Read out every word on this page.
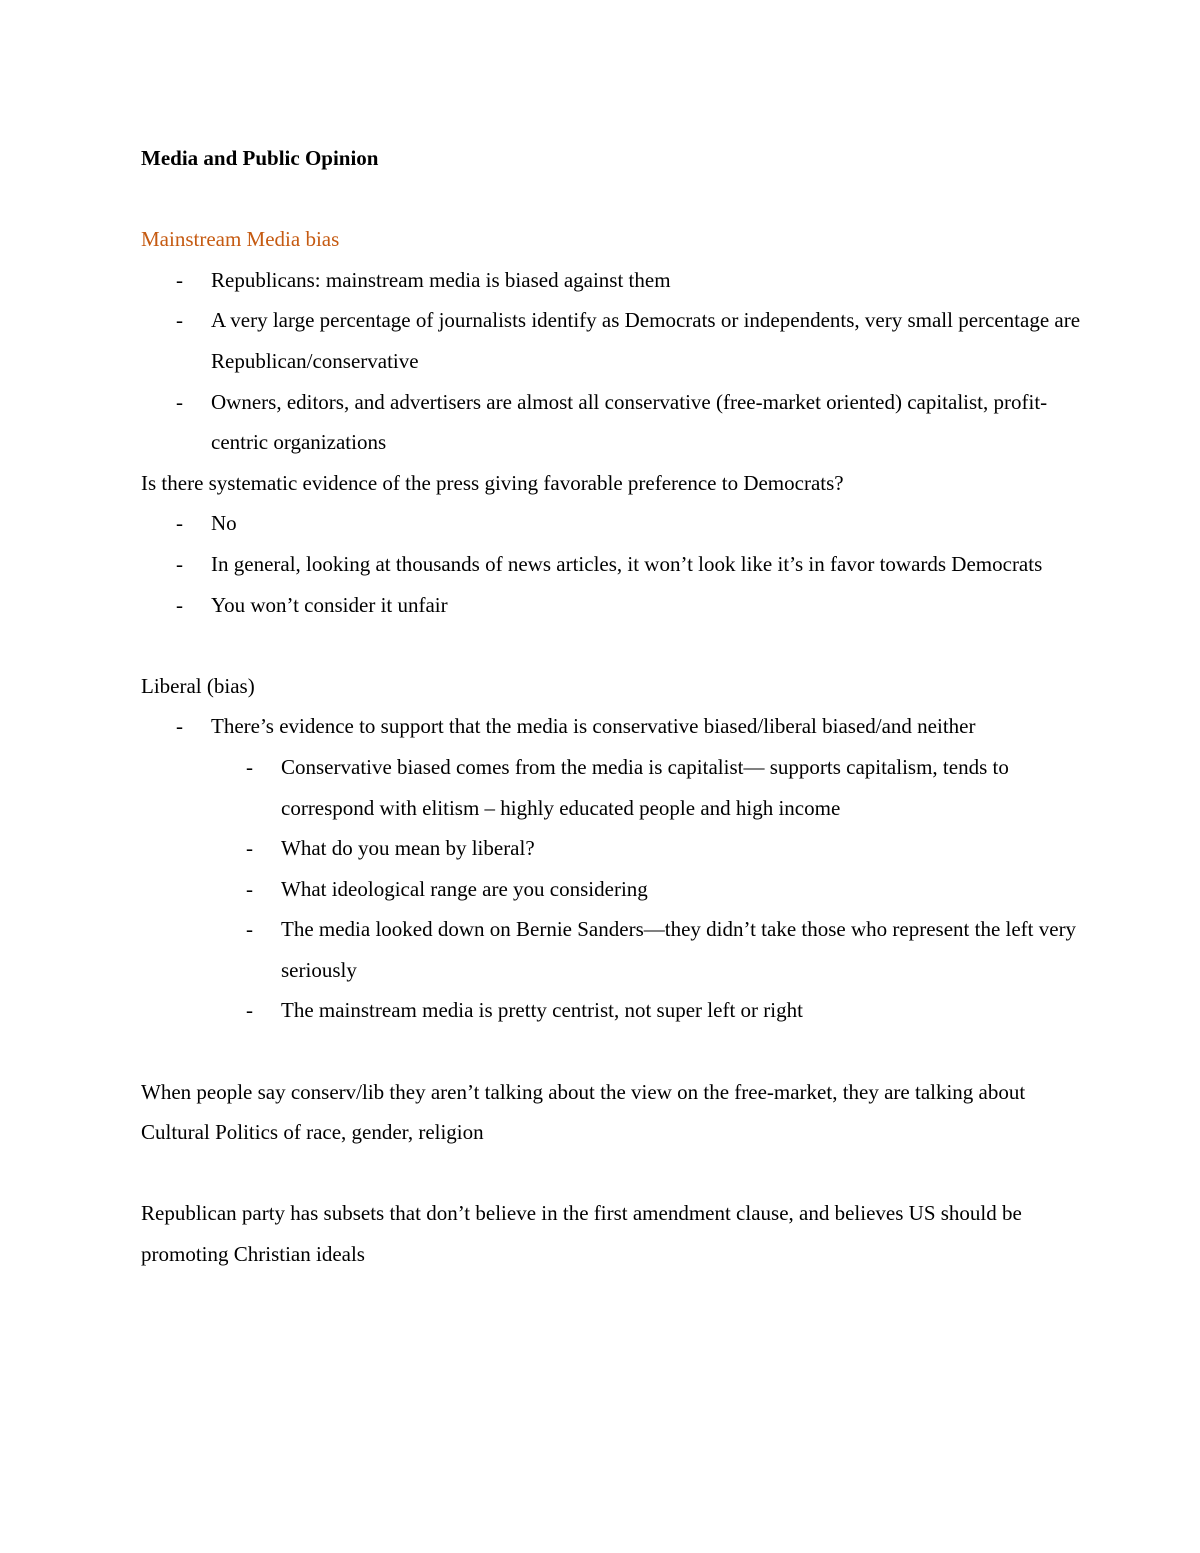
Media and Public Opinion

Mainstream Media bias

- Republicans: mainstream media is biased against them
- A very large percentage of journalists identify as Democrats or independents, very small percentage are Republican/conservative
- Owners, editors, and advertisers are almost all conservative (free-market oriented) capitalist, profit-centric organizations

Is there systematic evidence of the press giving favorable preference to Democrats?

- No
- In general, looking at thousands of news articles, it won’t look like it’s in favor towards Democrats
- You won’t consider it unfair

Liberal (bias)

- There’s evidence to support that the media is conservative biased/liberal biased/and neither
- Conservative biased comes from the media is capitalist— supports capitalism, tends to correspond with elitism – highly educated people and high income
- What do you mean by liberal?
- What ideological range are you considering
- The media looked down on Bernie Sanders—they didn’t take those who represent the left very seriously
- The mainstream media is pretty centrist, not super left or right

When people say conserv/lib they aren’t talking about the view on the free-market, they are talking about Cultural Politics of race, gender, religion

Republican party has subsets that don’t believe in the first amendment clause, and believes US should be promoting Christian ideals
